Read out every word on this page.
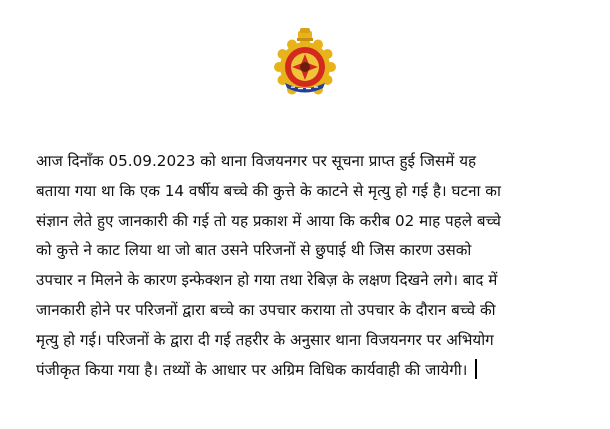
आज दिनाँक 05.09.2023 को थाना विजयनगर पर सूचना प्राप्त हुई जिसमें यह
बताया गया था कि एक 14 वर्षीय बच्चे की कुत्ते के काटने से मृत्यु हो गई है। घटना का
संज्ञान लेते हुए जानकारी की गई तो यह प्रकाश में आया कि करीब 02 माह पहले बच्चे
को कुत्ते ने काट लिया था जो बात उसने परिजनों से छुपाई थी जिस कारण उसको
उपचार न मिलने के कारण इन्फेक्शन हो गया तथा रेबिज़ के लक्षण दिखने लगे। बाद में
जानकारी होने पर परिजनों द्वारा बच्चे का उपचार कराया तो उपचार के दौरान बच्चे की
मृत्यु हो गई। परिजनों के द्वारा दी गई तहरीर के अनुसार थाना विजयनगर पर अभियोग
पंजीकृत किया गया है। तथ्यों के आधार पर अग्रिम विधिक कार्यवाही की जायेगी।
